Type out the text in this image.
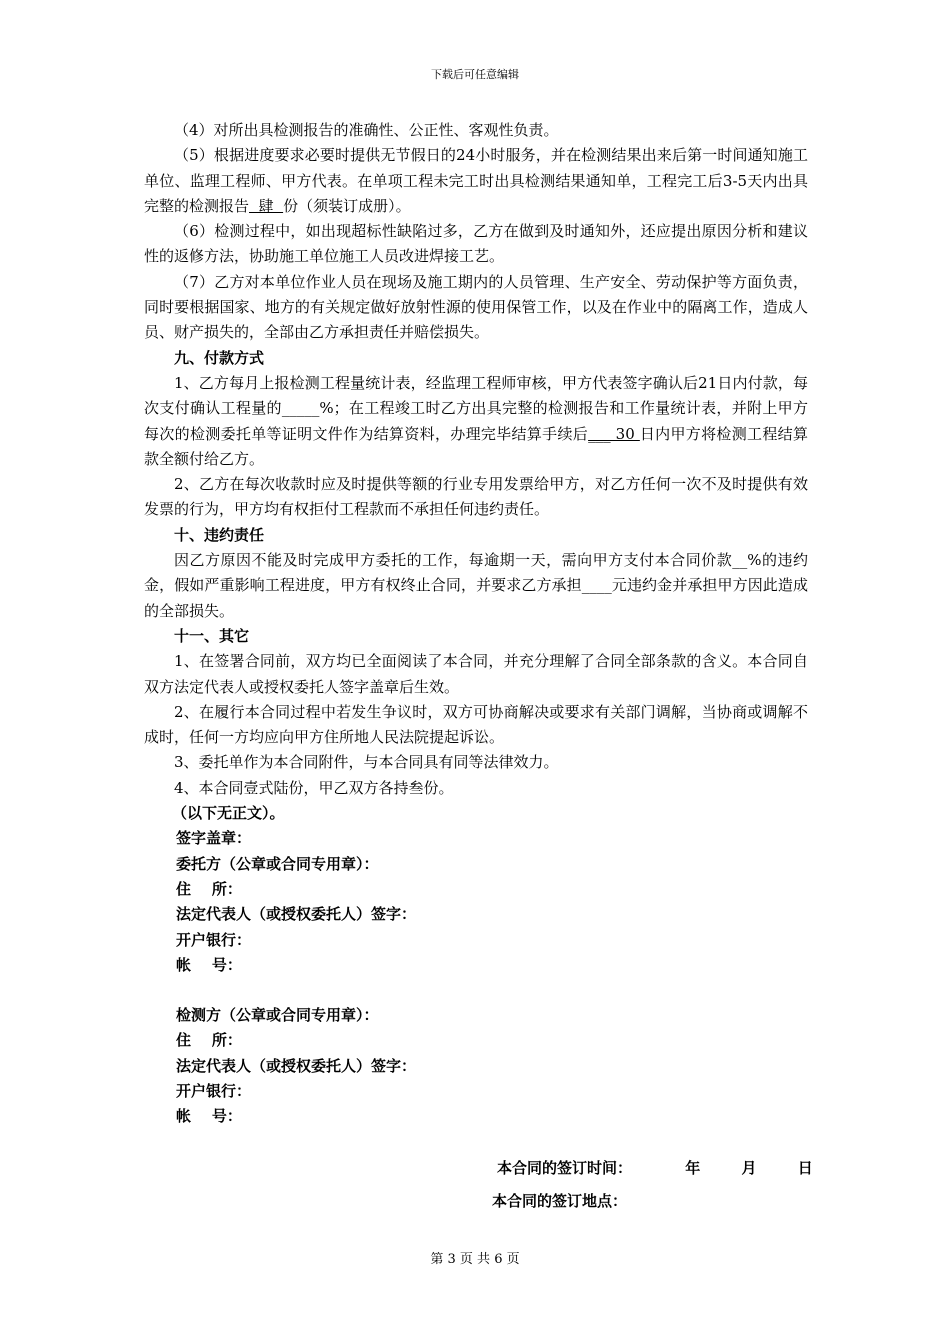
下载后可任意编辑

（4）对所出具检测报告的准确性、公正性、客观性负责。

（5）根据进度要求必要时提供无节假日的24小时服务，并在检测结果出来后第一时间通知施工单位、监理工程师、甲方代表。在单项工程未完工时出具检测结果通知单，工程完工后3-5天内出具完整的检测报告  肆  份（须装订成册）。

（6）检测过程中，如出现超标性缺陷过多，乙方在做到及时通知外，还应提出原因分析和建议性的返修方法，协助施工单位施工人员改进焊接工艺。

（7）乙方对本单位作业人员在现场及施工期内的人员管理、生产安全、劳动保护等方面负责，同时要根据国家、地方的有关规定做好放射性源的使用保管工作，以及在作业中的隔离工作，造成人员、财产损失的，全部由乙方承担责任并赔偿损失。

九、付款方式

1、乙方每月上报检测工程量统计表，经监理工程师审核，甲方代表签字确认后21日内付款，每次支付确认工程量的_____%；在工程竣工时乙方出具完整的检测报告和工作量统计表，并附上甲方每次的检测委托单等证明文件作为结算资料，办理完毕结算手续后___ 30 日内甲方将检测工程结算款全额付给乙方。

2、乙方在每次收款时应及时提供等额的行业专用发票给甲方，对乙方任何一次不及时提供有效发票的行为，甲方均有权拒付工程款而不承担任何违约责任。

十、违约责任

因乙方原因不能及时完成甲方委托的工作，每逾期一天，需向甲方支付本合同价款__%的违约金，假如严重影响工程进度，甲方有权终止合同，并要求乙方承担____元违约金并承担甲方因此造成的全部损失。

十一、其它

1、在签署合同前，双方均已全面阅读了本合同，并充分理解了合同全部条款的含义。本合同自双方法定代表人或授权委托人签字盖章后生效。

2、在履行本合同过程中若发生争议时，双方可协商解决或要求有关部门调解，当协商或调解不成时，任何一方均应向甲方住所地人民法院提起诉讼。

3、委托单作为本合同附件，与本合同具有同等法律效力。

4、本合同壹式陆份，甲乙双方各持叁份。

（以下无正文）。

签字盖章：

委托方（公章或合同专用章）：

住    所：

法定代表人（或授权委托人）签字：

开户银行：

帐    号：

检测方（公章或合同专用章）：

住    所：

法定代表人（或授权委托人）签字：

开户银行：

帐    号：

本合同的签订时间：	年	月	日
本合同的签订地点：
第 3 页 共 6 页
